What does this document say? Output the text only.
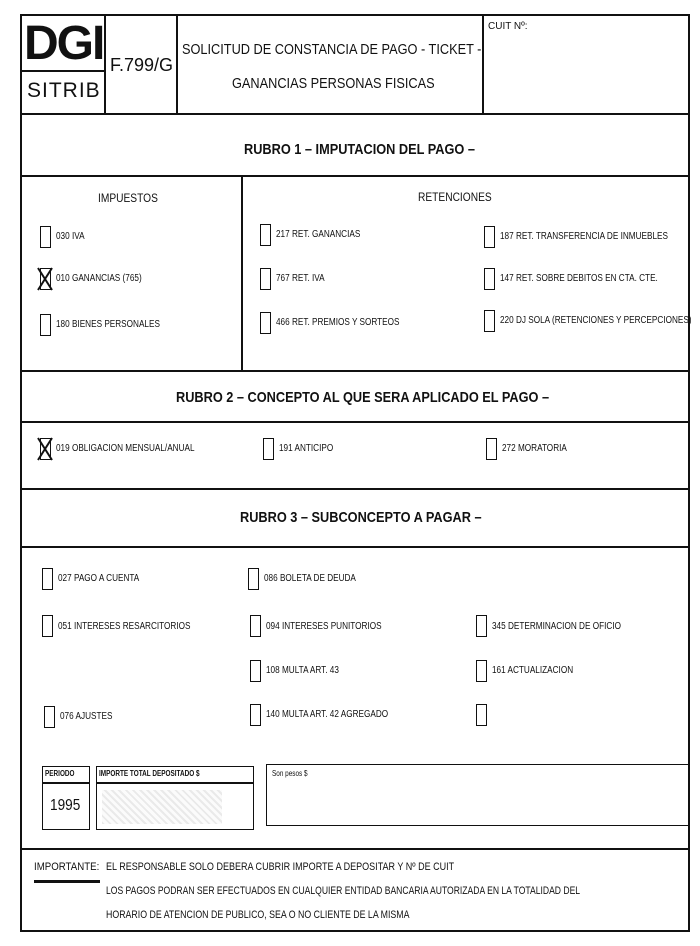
DGI
SITRIB
F.799/G
SOLICITUD DE CONSTANCIA DE PAGO - TICKET -
GANANCIAS PERSONAS FISICAS
CUIT Nº:
RUBRO 1 – IMPUTACION DEL PAGO –
IMPUESTOS	RETENCIONES
030 IVA
010 GANANCIAS (765)
180 BIENES PERSONALES
217 RET. GANANCIAS
767 RET. IVA
466 RET. PREMIOS Y SORTEOS
187 RET. TRANSFERENCIA DE INMUEBLES
147 RET. SOBRE DEBITOS EN CTA. CTE.
220 DJ SOLA (RETENCIONES Y PERCEPCIONES)
RUBRO 2 – CONCEPTO AL QUE SERA APLICADO EL PAGO –
019 OBLIGACION MENSUAL/ANUAL	191 ANTICIPO	272 MORATORIA
RUBRO 3 – SUBCONCEPTO A PAGAR –
027 PAGO A CUENTA	086 BOLETA DE DEUDA
051 INTERESES RESARCITORIOS	094 INTERESES PUNITORIOS	345 DETERMINACION DE OFICIO
108 MULTA ART. 43	161 ACTUALIZACION
076 AJUSTES	140 MULTA ART. 42 AGREGADO
PERIODO
1995
IMPORTE TOTAL DEPOSITADO $	Son pesos $
IMPORTANTE: EL RESPONSABLE SOLO DEBERA CUBRIR IMPORTE A DEPOSITAR Y Nº DE CUIT
LOS PAGOS PODRAN SER EFECTUADOS EN CUALQUIER ENTIDAD BANCARIA AUTORIZADA EN LA TOTALIDAD DEL
HORARIO DE ATENCION DE PUBLICO, SEA O NO CLIENTE DE LA MISMA
